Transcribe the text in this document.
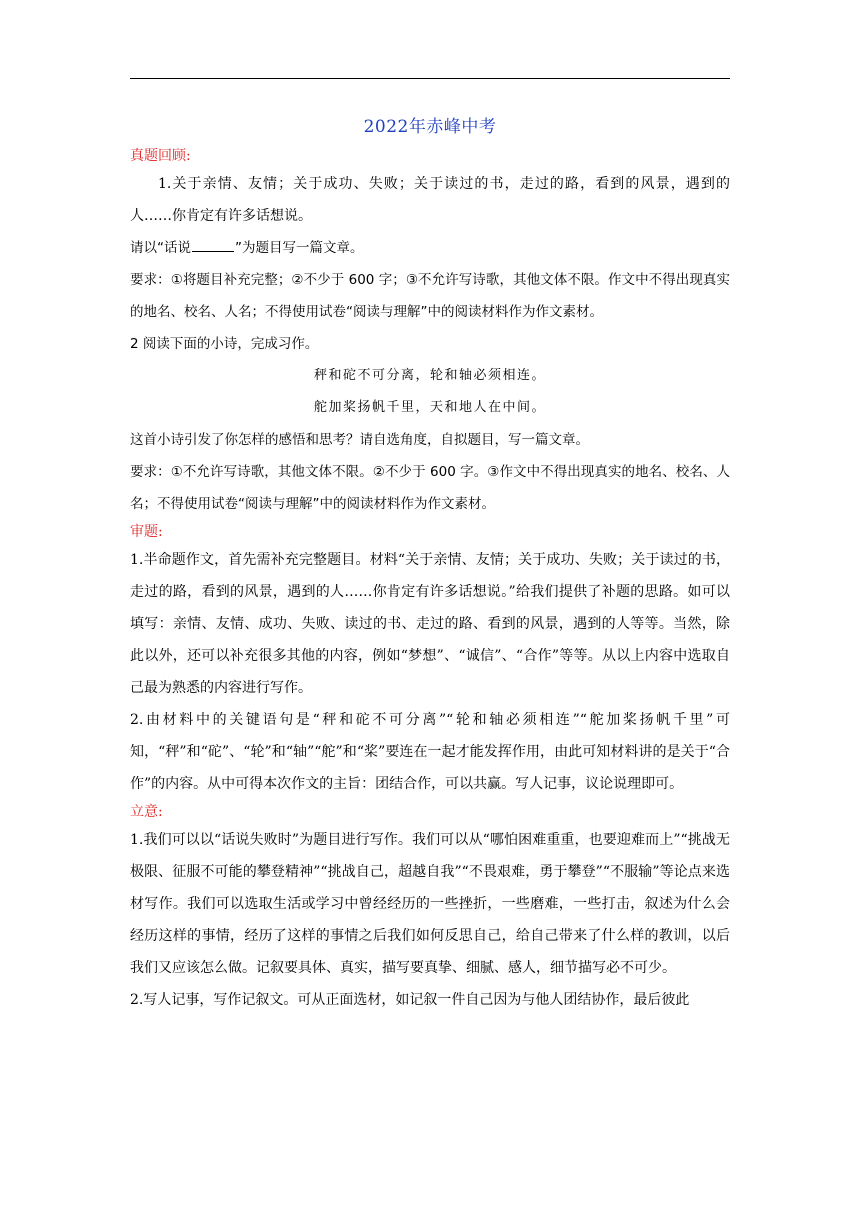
2022年赤峰中考
真题回顾:

1.关于亲情、友情；关于成功、失败；关于读过的书，走过的路，看到的风景，遇到的人……你肯定有许多话想说。

请以“话说	”为题目写一篇文章。

要求：①将题目补充完整；②不少于 600 字；③不允许写诗歌，其他文体不限。作文中不得出现真实的地名、校名、人名；不得使用试卷“阅读与理解”中的阅读材料作为作文素材。

2 阅读下面的小诗，完成习作。

秤和砣不可分离，轮和轴必须相连。

舵加桨扬帆千里，天和地人在中间。

这首小诗引发了你怎样的感悟和思考？请自选角度，自拟题目，写一篇文章。

要求：①不允许写诗歌，其他文体不限。②不少于 600 字。③作文中不得出现真实的地名、校名、人名；不得使用试卷“阅读与理解”中的阅读材料作为作文素材。

审题:

1.半命题作文，首先需补充完整题目。材料“关于亲情、友情；关于成功、失败；关于读过的书，走过的路，看到的风景，遇到的人……你肯定有许多话想说。”给我们提供了补题的思路。如可以填写：亲情、友情、成功、失败、读过的书、走过的路、看到的风景，遇到的人等等。当然，除此以外，还可以补充很多其他的内容，例如“梦想”、“诚信”、“合作”等等。从以上内容中选取自己最为熟悉的内容进行写作。

2.由材料中的关键语句是“秤和砣不可分离”“轮和轴必须相连”“舵加桨扬帆千里”可知，“秤”和“砣”、“轮”和“轴”“舵”和“桨”要连在一起才能发挥作用，由此可知材料讲的是关于“合作”的内容。从中可得本次作文的主旨：团结合作，可以共赢。写人记事，议论说理即可。

立意:

1.我们可以以“话说失败时”为题目进行写作。我们可以从“哪怕困难重重，也要迎难而上”“挑战无极限、征服不可能的攀登精神”“挑战自己，超越自我”“不畏艰难，勇于攀登”“不服输”等论点来选材写作。我们可以选取生活或学习中曾经经历的一些挫折，一些磨难，一些打击，叙述为什么会经历这样的事情，经历了这样的事情之后我们如何反思自己，给自己带来了什么样的教训，以后我们又应该怎么做。记叙要具体、真实，描写要真挚、细腻、感人，细节描写必不可少。

2.写人记事，写作记叙文。可从正面选材，如记叙一件自己因为与他人团结协作，最后彼此
